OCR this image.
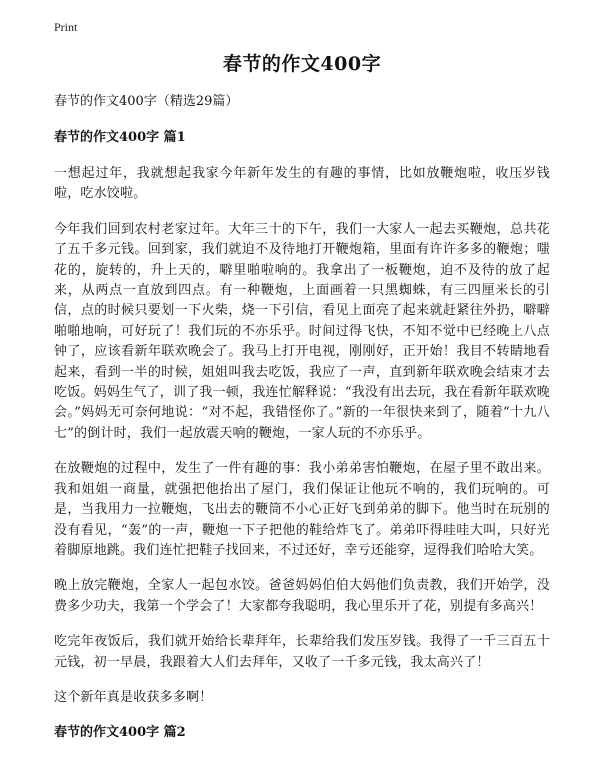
Print
春节的作文400字
春节的作文400字（精选29篇）
春节的作文400字 篇1
一想起过年，我就想起我家今年新年发生的有趣的事情，比如放鞭炮啦，收压岁钱啦，吃水饺啦。
今年我们回到农村老家过年。大年三十的下午，我们一大家人一起去买鞭炮，总共花了五千多元钱。回到家，我们就迫不及待地打开鞭炮箱，里面有许许多多的鞭炮；嗤花的，旋转的，升上天的，噼里啪啦响的。我拿出了一板鞭炮，迫不及待的放了起来，从两点一直放到四点。有一种鞭炮，上面画着一只黑蜘蛛，有三四厘米长的引信，点的时候只要划一下火柴，烧一下引信，看见上面亮了起来就赶紧往外扔，噼噼啪啪地响，可好玩了！我们玩的不亦乐乎。时间过得飞快，不知不觉中已经晚上八点钟了，应该看新年联欢晚会了。我马上打开电视，刚刚好，正开始！我目不转睛地看起来，看到一半的时候，姐姐叫我去吃饭，我应了一声，直到新年联欢晚会结束才去吃饭。妈妈生气了，训了我一顿，我连忙解释说：“我没有出去玩，我在看新年联欢晚会。”妈妈无可奈何地说：“对不起，我错怪你了。”新的一年很快来到了，随着“十九八七”的倒计时，我们一起放震天响的鞭炮，一家人玩的不亦乐乎。
在放鞭炮的过程中，发生了一件有趣的事：我小弟弟害怕鞭炮，在屋子里不敢出来。我和姐姐一商量，就强把他抬出了屋门，我们保证让他玩不响的，我们玩响的。可是，当我用力一拉鞭炮，飞出去的鞭筒不小心正好飞到弟弟的脚下。他当时在玩别的没有看见，“轰”的一声，鞭炮一下子把他的鞋给炸飞了。弟弟吓得哇哇大叫，只好光着脚原地跳。我们连忙把鞋子找回来，不过还好，幸亏还能穿，逗得我们哈哈大笑。
晚上放完鞭炮，全家人一起包水饺。爸爸妈妈伯伯大妈他们负责教，我们开始学，没费多少功夫，我第一个学会了！大家都夸我聪明，我心里乐开了花，别提有多高兴！
吃完年夜饭后，我们就开始给长辈拜年，长辈给我们发压岁钱。我得了一千三百五十元钱，初一早晨，我跟着大人们去拜年，又收了一千多元钱，我太高兴了！
这个新年真是收获多多啊！
春节的作文400字 篇2
